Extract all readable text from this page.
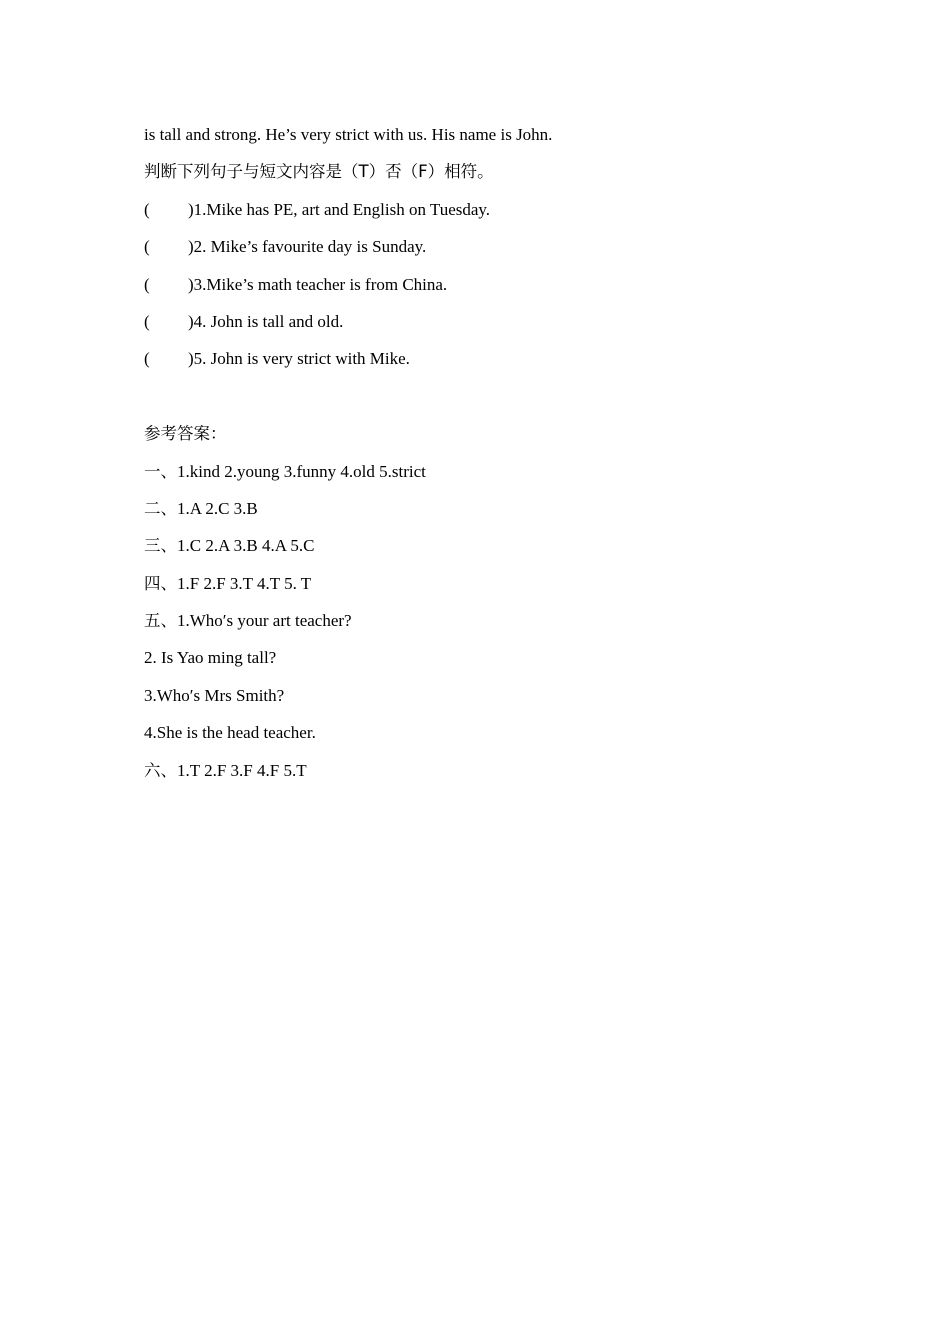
is tall and strong. He’s very strict with us. His name is John.
判断下列句子与短文内容是（T）否（F）相符。
( )1.Mike has PE, art and English on Tuesday.
( )2. Mike’s favourite day is Sunday.
( )3.Mike’s math teacher is from China.
( )4. John is tall and old.
( )5. John is very strict with Mike.
参考答案：
一、1.kind 2.young 3.funny 4.old 5.strict
二、1.A 2.C 3.B
三、1.C 2.A 3.B 4.A 5.C
四、1.F 2.F 3.T 4.T 5. T
五、1.Who′s your art teacher?
2. Is Yao ming tall?
3.Who′s Mrs Smith?
4.She is the head teacher.
六、1.T 2.F 3.F 4.F 5.T
